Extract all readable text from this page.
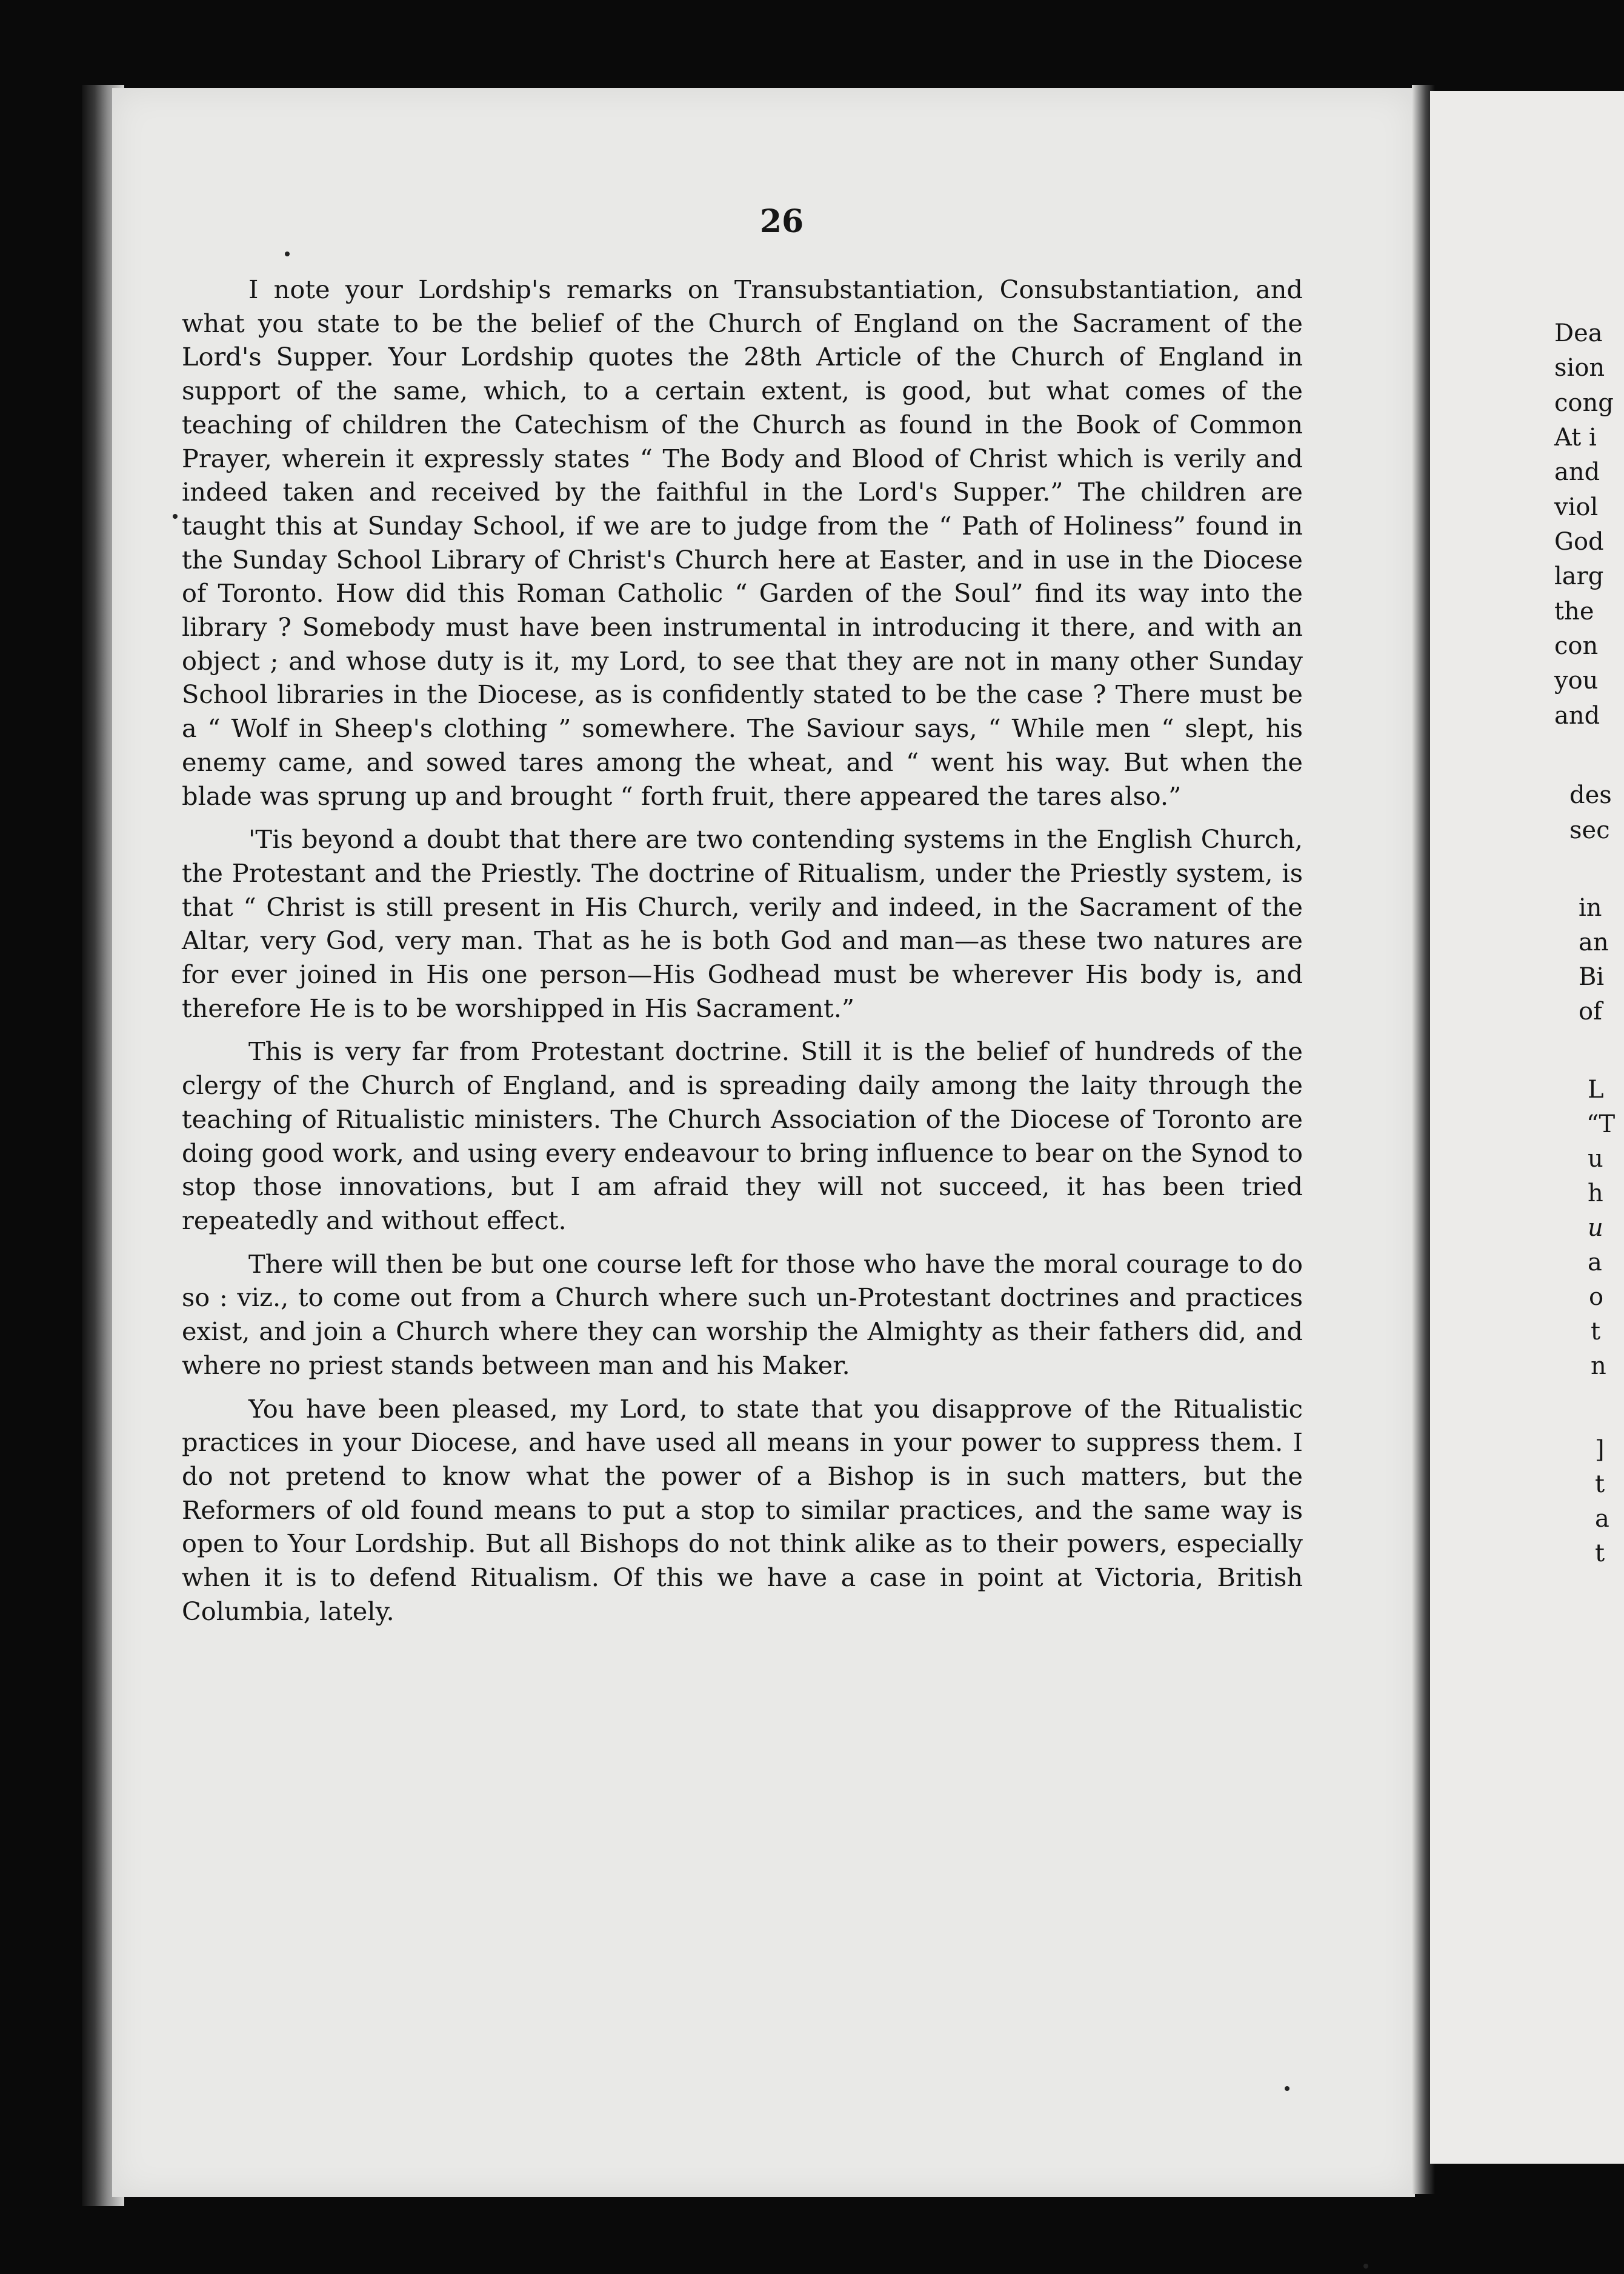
26

I note your Lordship's remarks on Transubstantiation, Consubstantiation, and what you state to be the belief of the Church of England on the Sacrament of the Lord's Supper. Your Lordship quotes the 28th Article of the Church of England in support of the same, which, to a certain extent, is good, but what comes of the teaching of children the Catechism of the Church as found in the Book of Common Prayer, wherein it expressly states “ The Body and Blood of Christ which is verily and indeed taken and received by the faithful in the Lord's Supper.” The children are taught this at Sunday School, if we are to judge from the “ Path of Holiness” found in the Sunday School Library of Christ's Church here at Easter, and in use in the Diocese of Toronto. How did this Roman Catholic “ Garden of the Soul” find its way into the library ? Somebody must have been instrumental in introducing it there, and with an object ; and whose duty is it, my Lord, to see that they are not in many other Sunday School libraries in the Diocese, as is confidently stated to be the case ? There must be a “ Wolf in Sheep's clothing ” somewhere. The Saviour says, “ While men “ slept, his enemy came, and sowed tares among the wheat, and “ went his way. But when the blade was sprung up and brought “ forth fruit, there appeared the tares also.”

'Tis beyond a doubt that there are two contending systems in the English Church, the Protestant and the Priestly. The doctrine of Ritualism, under the Priestly system, is that “ Christ is still present in His Church, verily and indeed, in the Sacrament of the Altar, very God, very man. That as he is both God and man—as these two natures are for ever joined in His one person—His Godhead must be wherever His body is, and therefore He is to be worshipped in His Sacrament.”

This is very far from Protestant doctrine. Still it is the belief of hundreds of the clergy of the Church of England, and is spreading daily among the laity through the teaching of Ritualistic ministers. The Church Association of the Diocese of Toronto are doing good work, and using every endeavour to bring influence to bear on the Synod to stop those innovations, but I am afraid they will not succeed, it has been tried repeatedly and without effect.

There will then be but one course left for those who have the moral courage to do so : viz., to come out from a Church where such un-Protestant doctrines and practices exist, and join a Church where they can worship the Almighty as their fathers did, and where no priest stands between man and his Maker.

You have been pleased, my Lord, to state that you disapprove of the Ritualistic practices in your Diocese, and have used all means in your power to suppress them. I do not pretend to know what the power of a Bishop is in such matters, but the Reformers of old found means to put a stop to similar practices, and the same way is open to Your Lordship. But all Bishops do not think alike as to their powers, especially when it is to defend Ritualism. Of this we have a case in point at Victoria, British Columbia, lately.

Dea
sion
cong
At i
and
viol
God
larg
the
con
you
and
des
sec
in
an
Bi
of
L
“T
u
h
u
a
o
t
n
]
t
a
t
